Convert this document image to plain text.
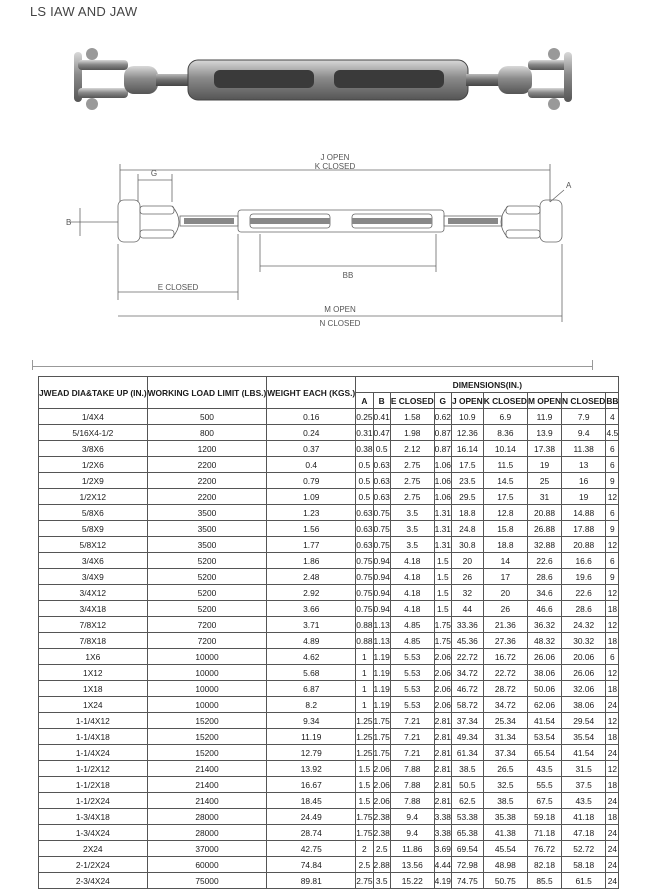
LS IAW AND JAW
J OPEN
K CLOSED
G
A
B
BB
E CLOSED
M OPEN
N CLOSED
JWEAD DIA&TAKE UP (IN.)	WORKING LOAD LIMIT (LBS.)	WEIGHT EACH (KGS.)	DIMENSIONS(IN.)								
			A	B	E CLOSED	G	J OPEN	K CLOSED	M OPEN	N CLOSED	BB
1/4X4	500	0.16	0.25	0.41	1.58	0.62	10.9	6.9	11.9	7.9	4
5/16X4-1/2	800	0.24	0.31	0.47	1.98	0.87	12.36	8.36	13.9	9.4	4.5
3/8X6	1200	0.37	0.38	0.5	2.12	0.87	16.14	10.14	17.38	11.38	6
1/2X6	2200	0.4	0.5	0.63	2.75	1.06	17.5	11.5	19	13	6
1/2X9	2200	0.79	0.5	0.63	2.75	1.06	23.5	14.5	25	16	9
1/2X12	2200	1.09	0.5	0.63	2.75	1.06	29.5	17.5	31	19	12
5/8X6	3500	1.23	0.63	0.75	3.5	1.31	18.8	12.8	20.88	14.88	6
5/8X9	3500	1.56	0.63	0.75	3.5	1.31	24.8	15.8	26.88	17.88	9
5/8X12	3500	1.77	0.63	0.75	3.5	1.31	30.8	18.8	32.88	20.88	12
3/4X6	5200	1.86	0.75	0.94	4.18	1.5	20	14	22.6	16.6	6
3/4X9	5200	2.48	0.75	0.94	4.18	1.5	26	17	28.6	19.6	9
3/4X12	5200	2.92	0.75	0.94	4.18	1.5	32	20	34.6	22.6	12
3/4X18	5200	3.66	0.75	0.94	4.18	1.5	44	26	46.6	28.6	18
7/8X12	7200	3.71	0.88	1.13	4.85	1.75	33.36	21.36	36.32	24.32	12
7/8X18	7200	4.89	0.88	1.13	4.85	1.75	45.36	27.36	48.32	30.32	18
1X6	10000	4.62	1	1.19	5.53	2.06	22.72	16.72	26.06	20.06	6
1X12	10000	5.68	1	1.19	5.53	2.06	34.72	22.72	38.06	26.06	12
1X18	10000	6.87	1	1.19	5.53	2.06	46.72	28.72	50.06	32.06	18
1X24	10000	8.2	1	1.19	5.53	2.06	58.72	34.72	62.06	38.06	24
1-1/4X12	15200	9.34	1.25	1.75	7.21	2.81	37.34	25.34	41.54	29.54	12
1-1/4X18	15200	11.19	1.25	1.75	7.21	2.81	49.34	31.34	53.54	35.54	18
1-1/4X24	15200	12.79	1.25	1.75	7.21	2.81	61.34	37.34	65.54	41.54	24
1-1/2X12	21400	13.92	1.5	2.06	7.88	2.81	38.5	26.5	43.5	31.5	12
1-1/2X18	21400	16.67	1.5	2.06	7.88	2.81	50.5	32.5	55.5	37.5	18
1-1/2X24	21400	18.45	1.5	2.06	7.88	2.81	62.5	38.5	67.5	43.5	24
1-3/4X18	28000	24.49	1.75	2.38	9.4	3.38	53.38	35.38	59.18	41.18	18
1-3/4X24	28000	28.74	1.75	2.38	9.4	3.38	65.38	41.38	71.18	47.18	24
2X24	37000	42.75	2	2.5	11.86	3.69	69.54	45.54	76.72	52.72	24
2-1/2X24	60000	74.84	2.5	2.88	13.56	4.44	72.98	48.98	82.18	58.18	24
2-3/4X24	75000	89.81	2.75	3.5	15.22	4.19	74.75	50.75	85.5	61.5	24
